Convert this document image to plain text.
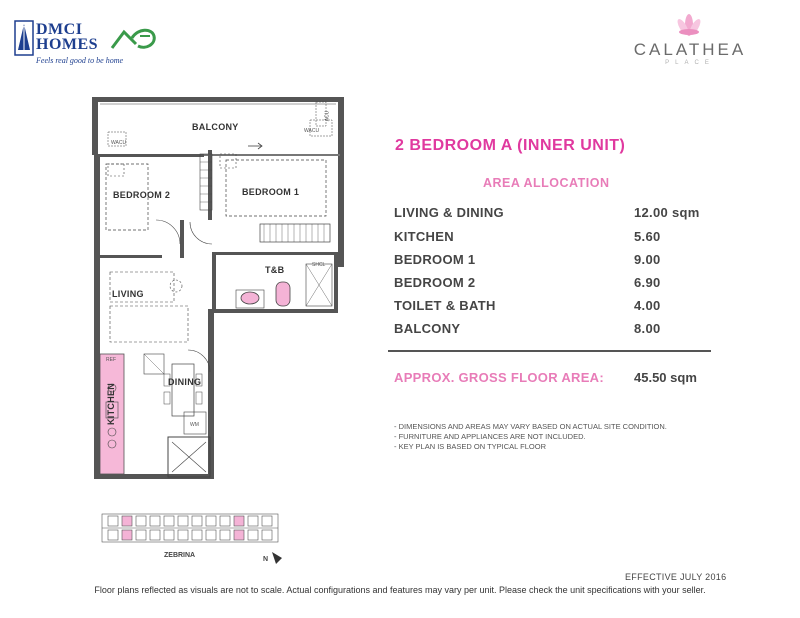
DMCI HOMES
Feels real good to be home
CALATHEA
PLACE
BALCONY
BEDROOM 1
BEDROOM 2
T&B
LIVING
DINING
KITCHEN
ACU
WACU
WACU
REF
WM
SHCL
ZEBRINA
N
2 BEDROOM A (INNER UNIT)
AREA ALLOCATION
LIVING & DINING	12.00 sqm
KITCHEN	5.60
BEDROOM 1	9.00
BEDROOM 2	6.90
TOILET & BATH	4.00
BALCONY	8.00
APPROX. GROSS FLOOR AREA: 45.50 sqm
- DIMENSIONS AND AREAS MAY VARY BASED ON ACTUAL SITE CONDITION.
- FURNITURE AND APPLIANCES ARE NOT INCLUDED.
- KEY PLAN IS BASED ON TYPICAL FLOOR
EFFECTIVE JULY 2016
Floor plans reflected as visuals are not to scale. Actual configurations and features may vary per unit. Please check the unit specifications with your seller.
